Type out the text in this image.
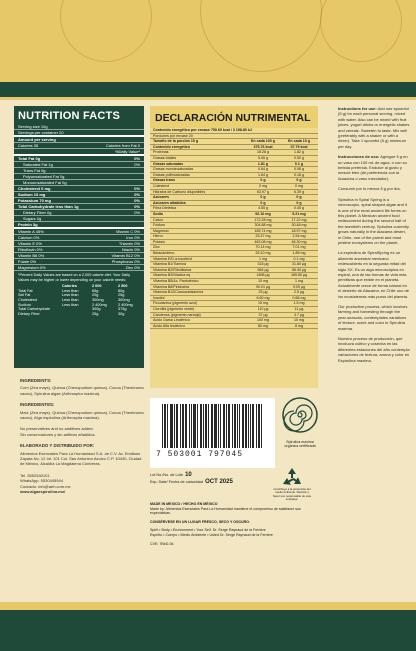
NUTRITION FACTS
Serving size 10g
Servings per container 20
Amount per serving
Calories 35	Calories from Fat 0
%Daily Value*
Total Fat 0g	0%
Saturated Fat 1g	0%
Trans Fat 0g
Polyunsaturated Fat 0g
Monounsaturated Fat 0g
Cholesterol 0 mg	0%
Sodium 10 mg	0%
Potassium 70 mg	0%
Total Carbohydrate less than 1g	0%
Dietary Fiber 0g	0%
Sugars 0g
Protein 3g
Vitamin A 45%	Vitamin C 0%
Calcium 0%	Iron 0%
Vitamin E 0%	Thiamin 0%
Riboflavin 0%	Niacin 0%
Vitamin B6 0%	Vitamin B12 0%
Folate 0%	Phosphorus 0%
Magnesium 0%	Zinc 0%
*Percent Daily Values are based on a 2,000 calorie diet. Your Daily Values may be higher or lower depending on your calorie needs:
Calories	2 000	2 500
Total Fat	Less than	65g	80g
Sat Fat	Less than	20g	25g
Cholesterol	Less than	300mg	300mg
Sodium	Less than	2 400mg	2 400mg
Total Carbohydrate	300g	375g
Dietary Fiber	25g	30g
DECLARACIÓN NUTRIMENTAL
Contenido energético por envase 750.60 kcal / 3 198.80 kJ
Porciones por envase 20
Tamaño de la porción 10 g	En cada 100 g	En cada 10 g
Contenido energético	375.76 kcal	37.79 kcal
Proteínas	18.28 g	1.82 g
Grasas totales	5.06 g	0.50 g
Grasas saturadas	1.81 g	0.1 g
Grasas monoinsaturadas	0.84 g	0.08 g
Grasas poliinsaturadas	1.64 g	0.16 g
Grasas trans	0 g	0 g
Colesterol	0 mg	0 mg
Hidratos de Carbono disponibles	63.97 g	6.39 g
Azúcares	0 g	0 g
Azúcares añadidos	0 g	0 g
Fibra Dietética	4.55 g	0.45 g
Sodio	92.10 mg	9.21 mg
Calcio	172.28 mg	17.22 mg
Fósforo	304.88 mg	30.48 mg
Magnesio	189.74 mg	18.97 mg
Hierro	25.47 mg	2.54 mg
Potasio	463.08 mg	46.30 mg
Zinc	70.14 mg	7.01 mg
Betacaroteno	25.10 mg	1.85 mg
Vitamina E/D-α-tocoferol	1 mg	0.1 mg
Vitamina B1/Tiamina	318 μg	31.80 μg
Vitamina B2/Riboflavina	564 μg	56.40 μg
Vitamina B3/Niacina eq	1898 μg	189.80 μg
Vitamina B5/Ác. Pantoténico	10 mg	1 mg
Vitamina B6/Piridoxina	90.01 μg	9.00 μg
Vitamina B12/Cianocobalamina	25 μg	2.5 μg
Inositol	6.60 mg	0.66 mg
Ficocianina (pigmento azul)	15 mg	1.5 mg
Clorofila (pigmento verde)	110 μg	11 μg
Carotenos (pigmento naranja)	37 μg	3.7 μg
Ácido Gama Linolénico	100 mg	10 mg
Ácido Alfa linolénico	80 mg	8 mg

Instructions for use: Add one spoonful (5 g) for each personal serving, mixed with water. Also can be mixed with fruit juices, yogurt drinks or energetic shakes and cereals. Sweeten to taste. Mix well (preferably with a shaker or with a mixer). Take 1 spoonful (5 g) minimum per day.

Instrucciones de uso: Agregue 5 g en un vaso con 100 mL de agua, o con su bebida preferida. Endulce al gusto y mezcle bien (de preferencia con la licuadora o vaso mezclador).

Consumir por lo menos 5 g por día.

Spirulina in Spiral Spring is a microscopic, spiral shaped algae and it is one of the most ancient life forms on this planet. A Mexican ancient food rediscovered during the second half of the twentieth century. Spirulina currently grows naturally in the Atacama desert, in Chile, one of the purest and most pristine ecosystems on the planet.

La espirulina de SpiralSpring es un alimento ancestral mexicano redescubierto en la segunda mitad del siglo XX. Es un alga microscópica en espiral, una de las formas de vida más primitivas que existe en el planeta. Actualmente crece de forma natural en el desierto de Atacama, en Chile uno de los ecosistemas más puros del planeta.

Our productive process, which involves farming and harvesting through the year-seasons, contemplates variations of texture, scent and color in Spirulina maxima.

Nuestro proceso de producción, que involucra cultivo y cosecha en las diferentes estaciones del año contempla variaciones de textura, aroma y color en Espirulina maxima.

INGREDIENTS:

Corn (Zea mays), Quinoa (Chenopodium quinoa), Cocoa (Theobroma cacao), Spirulina algae (Arthrospira maxima).

INGREDIENTES:

Maíz (Zea mays), Quinoa (Chenopodium quinoa), Cocoa (Theobroma cacao), Alga espirulina (Arthrospira maxima).

No preservatives and no additives added.
Sin conservadores y sin aditivos añadidos.

ELABORADO Y DISTRIBUIDO POR:

Alimentos Esenciales Para La Humanidad S.A. de C.V. Av. Emiliano Zapata No. 12 Int. 101 Col. San Antonino Azolco C.P. 10430, Ciudad de México, Alcaldía La Magdalena Contreras.

Tel. 5552540101
WhatsApp. 5530445944
Contacto: info@aeh.com.mx
www.algaespirulina.mx/

7 503001 797045
Spirulina maxima orgánica certificada
Lot No./No. de Lote 10
Exp. Date/ Fecha de caducidad OCT 2025
Contribuye a la protección del medio ambiente. Reciclar y hacer uso responsable de este empaque.
MADE IN MEXICO / HECHO EN MÉXICO
Made by: Alimentos Esenciales Para La Humanidad mantiene el compromiso de satisfacer sus expectativas.
CONSÉRVESE EN UN LUGAR FRESCO, SECO Y OSCURO.
Spirit • Body • Environment • Your Self. Dr. Serge Raynaud de la Ferriere
Espíritu • Cuerpo • Medio Ambiente • Usted Dr. Serge Raynaud de la Ferriere
CVE: 7BeD-0k
